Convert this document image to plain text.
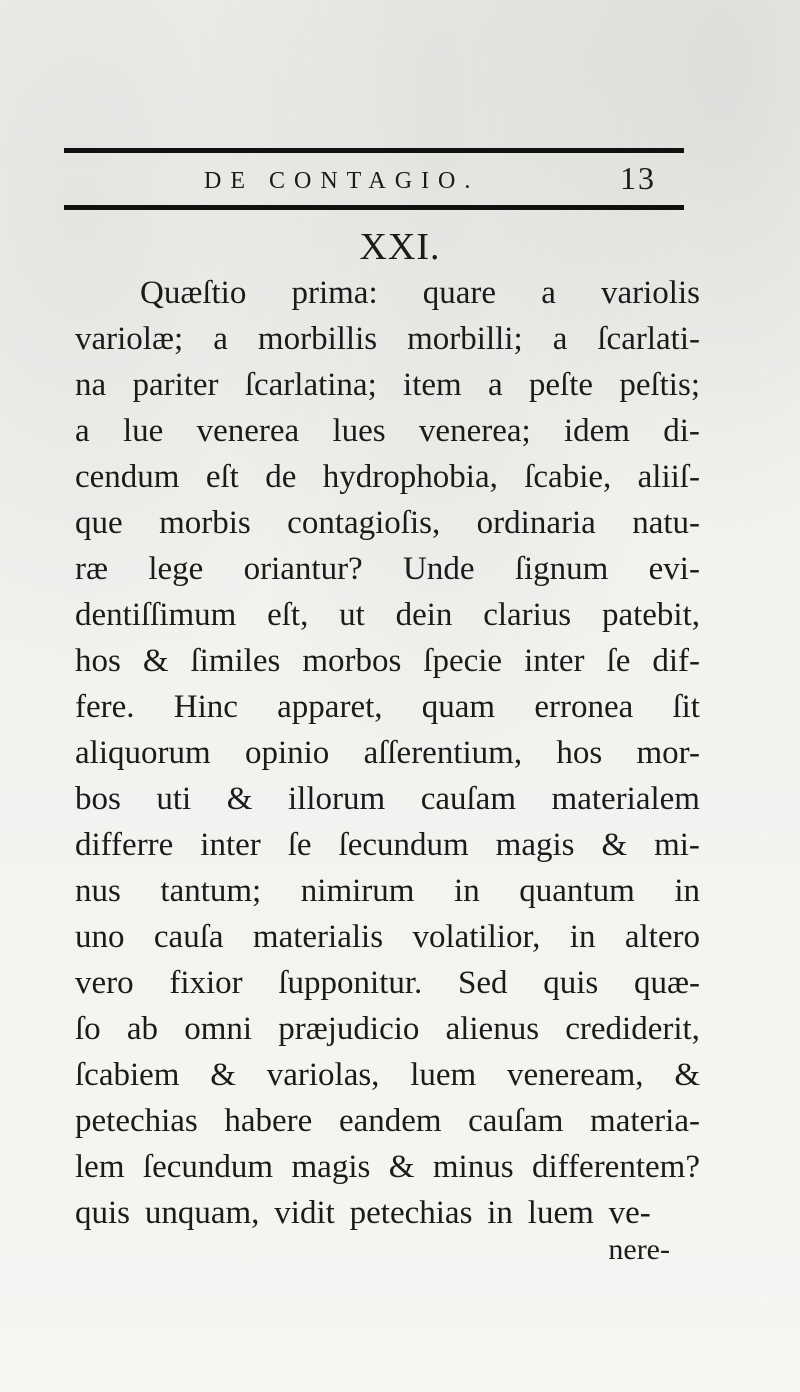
DE CONTAGIO.	13
XXI.
Quæſtio prima: quare a variolis
variolæ; a morbillis morbilli; a ſcarlati-
na pariter ſcarlatina; item a peſte peſtis;
a lue venerea lues venerea; idem di-
cendum eſt de hydrophobia, ſcabie, aliiſ-
que morbis contagioſis, ordinaria natu-
ræ lege oriantur? Unde ſignum evi-
dentiſſimum eſt, ut dein clarius patebit,
hos & ſimiles morbos ſpecie inter ſe dif-
fere. Hinc apparet, quam erronea ſit
aliquorum opinio aſſerentium, hos mor-
bos uti & illorum cauſam materialem
differre inter ſe ſecundum magis & mi-
nus tantum; nimirum in quantum in
uno cauſa materialis volatilior, in altero
vero fixior ſupponitur. Sed quis quæ-
ſo ab omni præjudicio alienus crediderit,
ſcabiem & variolas, luem veneream, &
petechias habere eandem cauſam materia-
lem ſecundum magis & minus differentem?
quis unquam, vidit petechias in luem ve-
nere-
